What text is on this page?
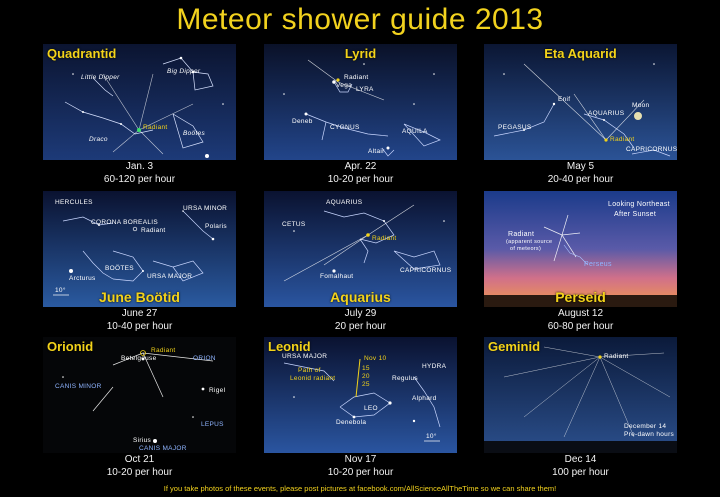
Meteor shower guide 2013
Quadrantid
Little Dipper
Big Dipper
Radiant
Draco
Boötes
Jan. 3
60-120 per hour
Lyrid
Radiant
Vega
LYRA
Deneb
CYGNUS
AQUILA
Altair
Apr. 22
10-20 per hour
Eta Aquarid
Enif
AQUARIUS
Moon
PEGASUS
Radiant
CAPRICORNUS
May 5
20-40 per hour
HERCULES
URSA MINOR
CORONA BOREALIS
Radiant
Polaris
BOÖTES
Arcturus	URSA MAJOR
10°	June Boötid
June 27
10-40 per hour
AQUARIUS
CETUS
Radiant
Fomalhaut
CAPRICORNUS
Aquarius
July 29
20 per hour
Looking Northeast
After Sunset
Radiant
(apparent source
of meteors)
Perseus
Perseid
August 12
60-80 per hour
Orionid	Radiant
Betelgeuse	ORION
CANIS MINOR
Rigel
LEPUS
Sirius
CANIS MAJOR
Oct 21
10-20 per hour
Leonid
URSA MAJOR	Nov 10
HYDRA
Path of
Leonid radiant
15
20	Regulus
25
LEO
Alphard
Denebola
10°
Nov 17
10-20 per hour
Geminid
Radiant
December 14
Pre-dawn hours
Dec 14
100 per hour
If you take photos of these events, please post pictures at facebook.com/AllScienceAllTheTime so we can share them!
